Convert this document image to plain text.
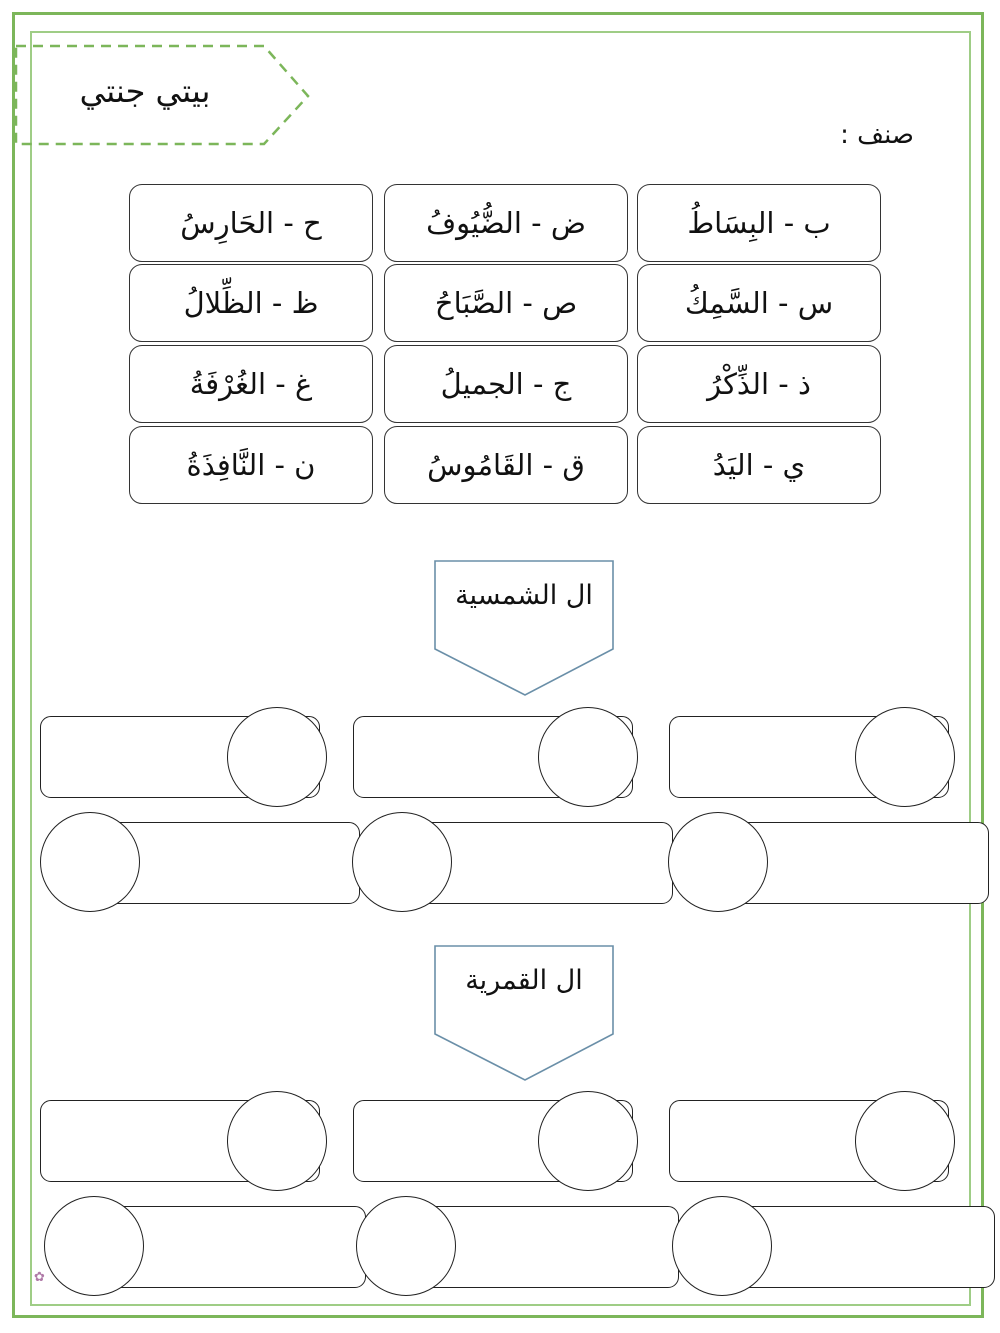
بيتي جنتي
صنف :
ب - البِسَاطُ
ض - الضُّيُوفُ
ح - الحَارِسُ
س - السَّمِكُ
ص - الصَّبَاحُ
ظ - الظِّلالُ
ذ - الذِّكْرُ
ج - الجميلُ
غ - الغُرْفَةُ
ي - اليَدُ
ق - القَامُوسُ
ن - النَّافِذَةُ
ال الشمسية
ال القمرية
✿
